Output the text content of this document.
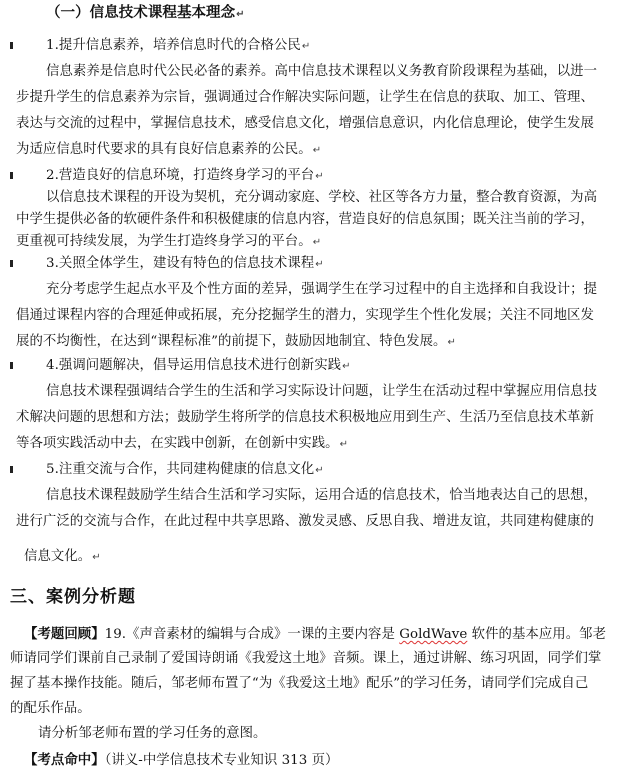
（一）信息技术课程基本理念↵
1.提升信息素养，培养信息时代的合格公民↵
信息素养是信息时代公民必备的素养。高中信息技术课程以义务教育阶段课程为基础，以进一
步提升学生的信息素养为宗旨，强调通过合作解决实际问题，让学生在信息的获取、加工、管理、
表达与交流的过程中，掌握信息技术，感受信息文化，增强信息意识，内化信息理论，使学生发展
为适应信息时代要求的具有良好信息素养的公民。↵
2.营造良好的信息环境，打造终身学习的平台↵
以信息技术课程的开设为契机，充分调动家庭、学校、社区等各方力量，整合教育资源，为高
中学生提供必备的软硬件条件和积极健康的信息内容，营造良好的信息氛围；既关注当前的学习，
更重视可持续发展，为学生打造终身学习的平台。↵
3.关照全体学生，建设有特色的信息技术课程↵
充分考虑学生起点水平及个性方面的差异，强调学生在学习过程中的自主选择和自我设计；提
倡通过课程内容的合理延伸或拓展，充分挖掘学生的潜力，实现学生个性化发展；关注不同地区发
展的不均衡性，在达到“课程标准”的前提下，鼓励因地制宜、特色发展。↵
4.强调问题解决，倡导运用信息技术进行创新实践↵
信息技术课程强调结合学生的生活和学习实际设计问题，让学生在活动过程中掌握应用信息技
术解决问题的思想和方法；鼓励学生将所学的信息技术积极地应用到生产、生活乃至信息技术革新
等各项实践活动中去，在实践中创新，在创新中实践。↵
5.注重交流与合作，共同建构健康的信息文化↵
信息技术课程鼓励学生结合生活和学习实际，运用合适的信息技术，恰当地表达自己的思想，
进行广泛的交流与合作，在此过程中共享思路、激发灵感、反思自我、增进友谊，共同建构健康的
信息文化。↵
三、案例分析题
【考题回顾】19.《声音素材的编辑与合成》一课的主要内容是 GoldWave 软件的基本应用。邹老
师请同学们课前自己录制了爱国诗朗诵《我爱这土地》音频。课上，通过讲解、练习巩固，同学们掌
握了基本操作技能。随后，邹老师布置了“为《我爱这土地》配乐”的学习任务，请同学们完成自己
的配乐作品。
请分析邹老师布置的学习任务的意图。
【考点命中】（讲义-中学信息技术专业知识 313 页）
